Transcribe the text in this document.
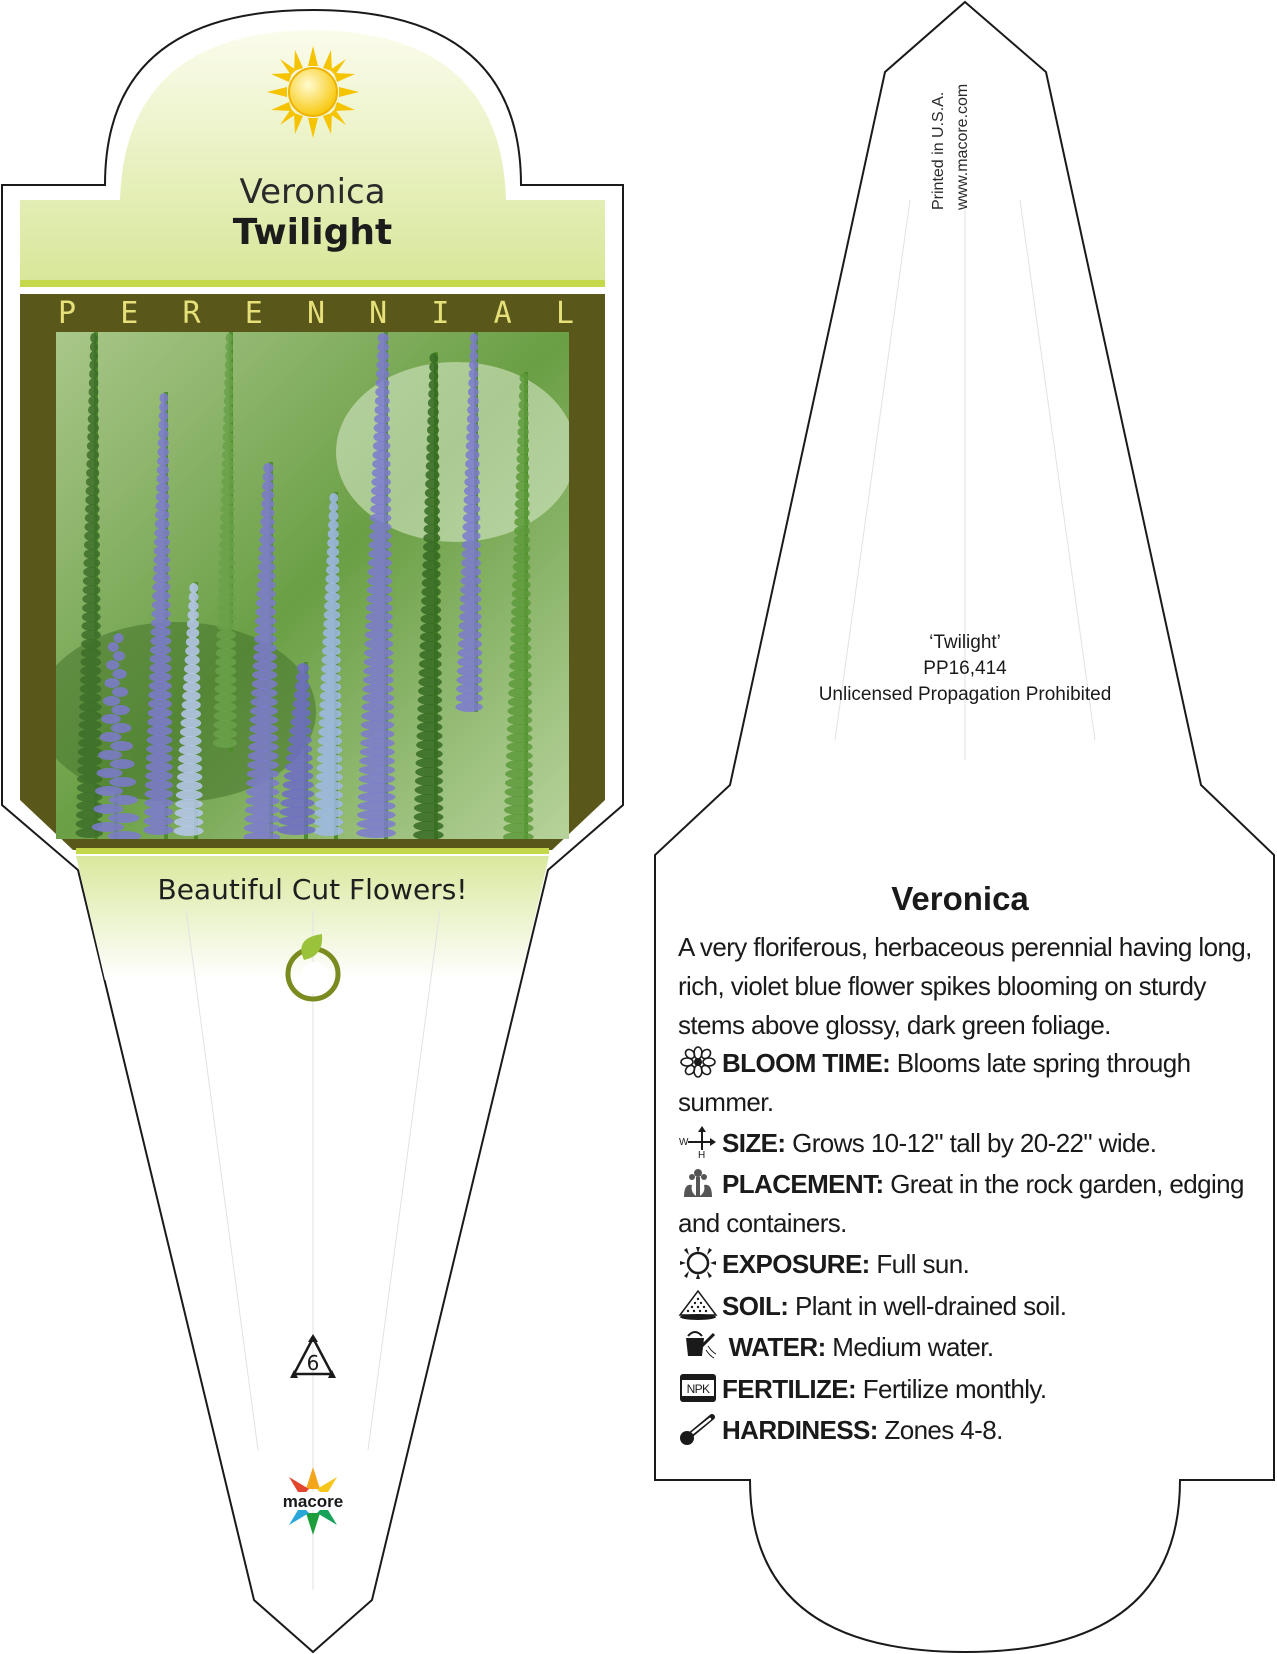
Veronica
Twilight
P E R E N N I A L
Beautiful Cut Flowers!
6
macore
Printed in U.S.A. www.macore.com
‘Twilight’
PP16,414
Unlicensed Propagation Prohibited
Veronica
A very floriferous, herbaceous perennial having long, rich, violet blue flower spikes blooming on sturdy stems above glossy, dark green foliage.
BLOOM TIME: Blooms late spring through summer.
W
H SIZE: Grows 10-12" tall by 20-22" wide.
PLACEMENT: Great in the rock garden, edging and containers.
EXPOSURE: Full sun.
SOIL: Plant in well-drained soil.
WATER: Medium water.
NPK FERTILIZE: Fertilize monthly.
HARDINESS: Zones 4-8.
